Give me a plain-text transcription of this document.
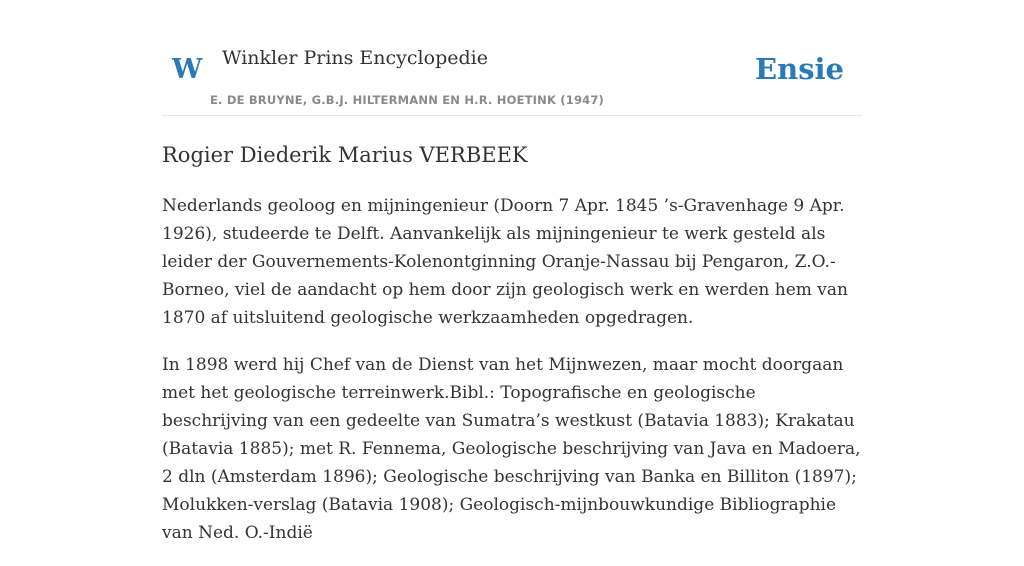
W Winkler Prins Encyclopedie
E. DE BRUYNE, G.B.J. HILTERMANN EN H.R. HOETINK (1947)
Ensie
Rogier Diederik Marius VERBEEK

Nederlands geoloog en mijningenieur (Doorn 7 Apr. 1845 ’s-Gravenhage 9 Apr. 1926), studeerde te Delft. Aanvankelijk als mijningenieur te werk gesteld als leider der Gouvernements-Kolenontginning Oranje-Nassau bij Pengaron, Z.O.-Borneo, viel de aandacht op hem door zijn geologisch werk en werden hem van 1870 af uitsluitend geologische werkzaamheden opgedragen.

In 1898 werd hij Chef van de Dienst van het Mijnwezen, maar mocht doorgaan met het geologische terreinwerk.Bibl.: Topografische en geologische beschrijving van een gedeelte van Sumatra’s westkust (Batavia 1883); Krakatau (Batavia 1885); met R. Fennema, Geologische beschrijving van Java en Madoera, 2 dln (Amsterdam 1896); Geologische beschrijving van Banka en Billiton (1897); Molukken-verslag (Batavia 1908); Geologisch-mijnbouwkundige Bibliographie van Ned. O.-Indië
